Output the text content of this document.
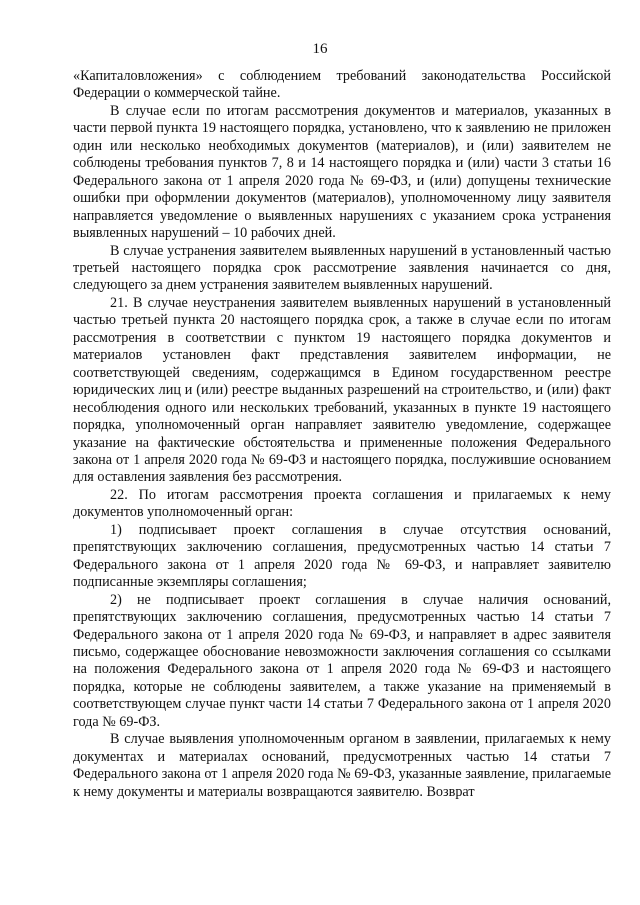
16

«Капиталовложения» с соблюдением требований законодательства Российской Федерации о коммерческой тайне.

В случае если по итогам рассмотрения документов и материалов, указанных в части первой пункта 19 настоящего порядка, установлено, что к заявлению не приложен один или несколько необходимых документов (материалов), и (или) заявителем не соблюдены требования пунктов 7, 8 и 14 настоящего порядка и (или) части 3 статьи 16 Федерального закона от 1 апреля 2020 года № 69-ФЗ, и (или) допущены технические ошибки при оформлении документов (материалов), уполномоченному лицу заявителя направляется уведомление о выявленных нарушениях с указанием срока устранения выявленных нарушений – 10 рабочих дней.

В случае устранения заявителем выявленных нарушений в установленный частью третьей настоящего порядка срок рассмотрение заявления начинается со дня, следующего за днем устранения заявителем выявленных нарушений.

21. В случае неустранения заявителем выявленных нарушений в установленный частью третьей пункта 20 настоящего порядка срок, а также в случае если по итогам рассмотрения в соответствии с пунктом 19 настоящего порядка документов и материалов установлен факт представления заявителем информации, не соответствующей сведениям, содержащимся в Едином государственном реестре юридических лиц и (или) реестре выданных разрешений на строительство, и (или) факт несоблюдения одного или нескольких требований, указанных в пункте 19 настоящего порядка, уполномоченный орган направляет заявителю уведомление, содержащее указание на фактические обстоятельства и примененные положения Федерального закона от 1 апреля 2020 года № 69-ФЗ и настоящего порядка, послужившие основанием для оставления заявления без рассмотрения.

22. По итогам рассмотрения проекта соглашения и прилагаемых к нему документов уполномоченный орган:

1) подписывает проект соглашения в случае отсутствия оснований, препятствующих заключению соглашения, предусмотренных частью 14 статьи 7 Федерального закона от 1 апреля 2020 года № 69-ФЗ, и направляет заявителю подписанные экземпляры соглашения;

2) не подписывает проект соглашения в случае наличия оснований, препятствующих заключению соглашения, предусмотренных частью 14 статьи 7 Федерального закона от 1 апреля 2020 года № 69-ФЗ, и направляет в адрес заявителя письмо, содержащее обоснование невозможности заключения соглашения со ссылками на положения Федерального закона от 1 апреля 2020 года № 69-ФЗ и настоящего порядка, которые не соблюдены заявителем, а также указание на применяемый в соответствующем случае пункт части 14 статьи 7 Федерального закона от 1 апреля 2020 года № 69-ФЗ.

В случае выявления уполномоченным органом в заявлении, прилагаемых к нему документах и материалах оснований, предусмотренных частью 14 статьи 7 Федерального закона от 1 апреля 2020 года № 69-ФЗ, указанные заявление, прилагаемые к нему документы и материалы возвращаются заявителю. Возврат
